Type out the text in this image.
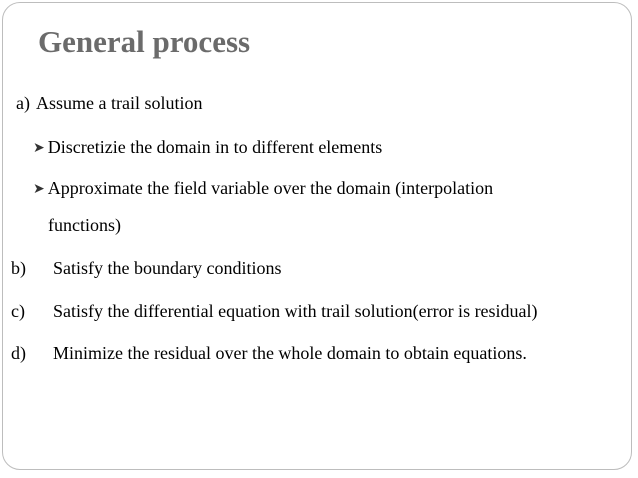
General process
a) Assume a trail solution
➤ Discretizie the domain in to different elements
➤ Approximate the field variable over the domain (interpolation
functions)
b) Satisfy the boundary conditions
c) Satisfy the differential equation with trail solution(error is residual)
d) Minimize the residual over the whole domain to obtain equations.
